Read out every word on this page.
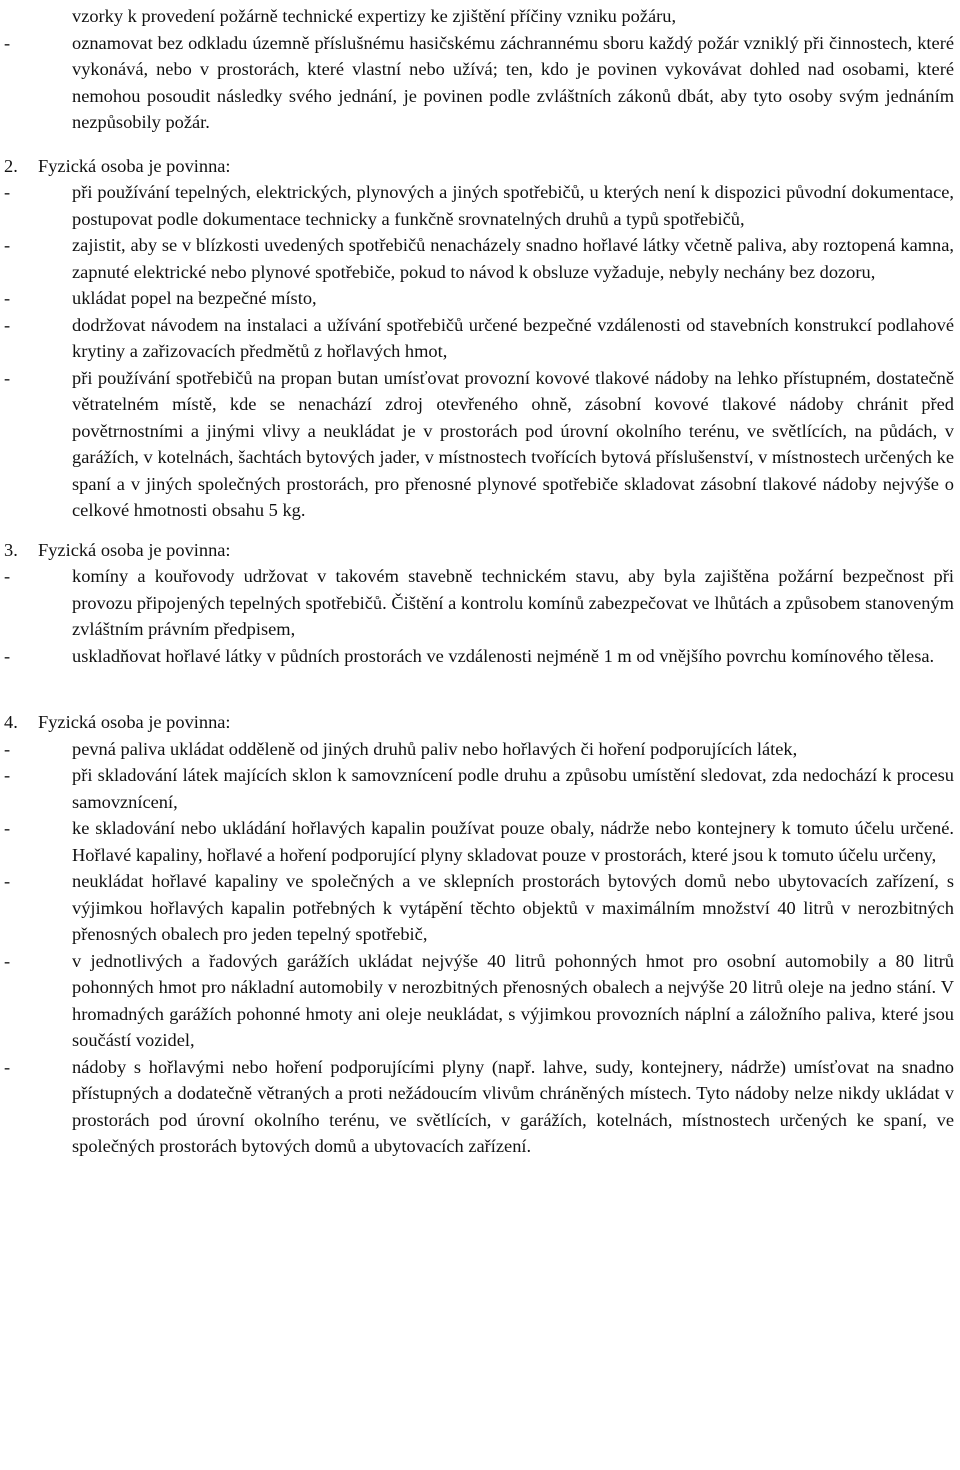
vzorky k provedení požárně technické expertizy ke zjištění příčiny vzniku požáru,

-	oznamovat bez odkladu územně příslušnému hasičskému záchrannému sboru každý požár vzniklý při činnostech, které vykonává, nebo v prostorách, které vlastní nebo užívá; ten, kdo je povinen vykovávat dohled nad osobami, které nemohou posoudit následky svého jednání, je povinen podle zvláštních zákonů dbát, aby tyto osoby svým jednáním nezpůsobily požár.

2. Fyzická osoba je povinna:

-	při používání tepelných, elektrických, plynových a jiných spotřebičů, u kterých není k dispozici původní dokumentace, postupovat podle dokumentace technicky a funkčně srovnatelných druhů a typů spotřebičů,

-	zajistit, aby se v blízkosti uvedených spotřebičů nenacházely snadno hořlavé látky včetně paliva, aby roztopená kamna, zapnuté elektrické nebo plynové spotřebiče, pokud to návod k obsluze vyžaduje, nebyly nechány bez dozoru,

-	ukládat popel na bezpečné místo,

-	dodržovat návodem na instalaci a užívání spotřebičů určené bezpečné vzdálenosti od stavebních konstrukcí podlahové krytiny a zařizovacích předmětů z hořlavých hmot,

-	při používání spotřebičů na propan butan umísťovat provozní kovové tlakové nádoby na lehko přístupném, dostatečně větratelném místě, kde se nenachází zdroj otevřeného ohně, zásobní kovové tlakové nádoby chránit před povětrnostními a jinými vlivy a neukládat je v prostorách pod úrovní okolního terénu, ve světlících, na půdách, v garážích, v kotelnách, šachtách bytových jader, v místnostech tvořících bytová příslušenství, v místnostech určených ke spaní a v jiných společných prostorách, pro přenosné plynové spotřebiče skladovat zásobní tlakové nádoby nejvýše o celkové hmotnosti obsahu 5 kg.

3. Fyzická osoba je povinna:

-	komíny a kouřovody udržovat v takovém stavebně technickém stavu, aby byla zajištěna požární bezpečnost při provozu připojených tepelných spotřebičů. Čištění a kontrolu komínů zabezpečovat ve lhůtách a způsobem stanoveným zvláštním právním předpisem,

-	uskladňovat hořlavé látky v půdních prostorách ve vzdálenosti nejméně 1 m od vnějšího povrchu komínového tělesa.

4. Fyzická osoba je povinna:

-	pevná paliva ukládat odděleně od jiných druhů paliv nebo hořlavých či hoření podporujících látek,

-	při skladování látek majících sklon k samovznícení podle druhu a způsobu umístění sledovat, zda nedochází k procesu samovznícení,

-	ke skladování nebo ukládání hořlavých kapalin používat pouze obaly, nádrže nebo kontejnery k tomuto účelu určené. Hořlavé kapaliny, hořlavé a hoření podporující plyny skladovat pouze v prostorách, které jsou k tomuto účelu určeny,

-	neukládat hořlavé kapaliny ve společných a ve sklepních prostorách bytových domů nebo ubytovacích zařízení, s výjimkou hořlavých kapalin potřebných k vytápění těchto objektů v maximálním množství 40 litrů v nerozbitných přenosných obalech pro jeden tepelný spotřebič,

-	v jednotlivých a řadových garážích ukládat nejvýše 40 litrů pohonných hmot pro osobní automobily a 80 litrů pohonných hmot pro nákladní automobily v nerozbitných přenosných obalech a nejvýše 20 litrů oleje na jedno stání. V hromadných garážích pohonné hmoty ani oleje neukládat, s výjimkou provozních náplní a záložního paliva, které jsou součástí vozidel,

-	nádoby s hořlavými nebo hoření podporujícími plyny (např. lahve, sudy, kontejnery, nádrže) umísťovat na snadno přístupných a dodatečně větraných a proti nežádoucím vlivům chráněných místech. Tyto nádoby nelze nikdy ukládat v prostorách pod úrovní okolního terénu, ve světlících, v garážích, kotelnách, místnostech určených ke spaní, ve společných prostorách bytových domů a ubytovacích zařízení.
